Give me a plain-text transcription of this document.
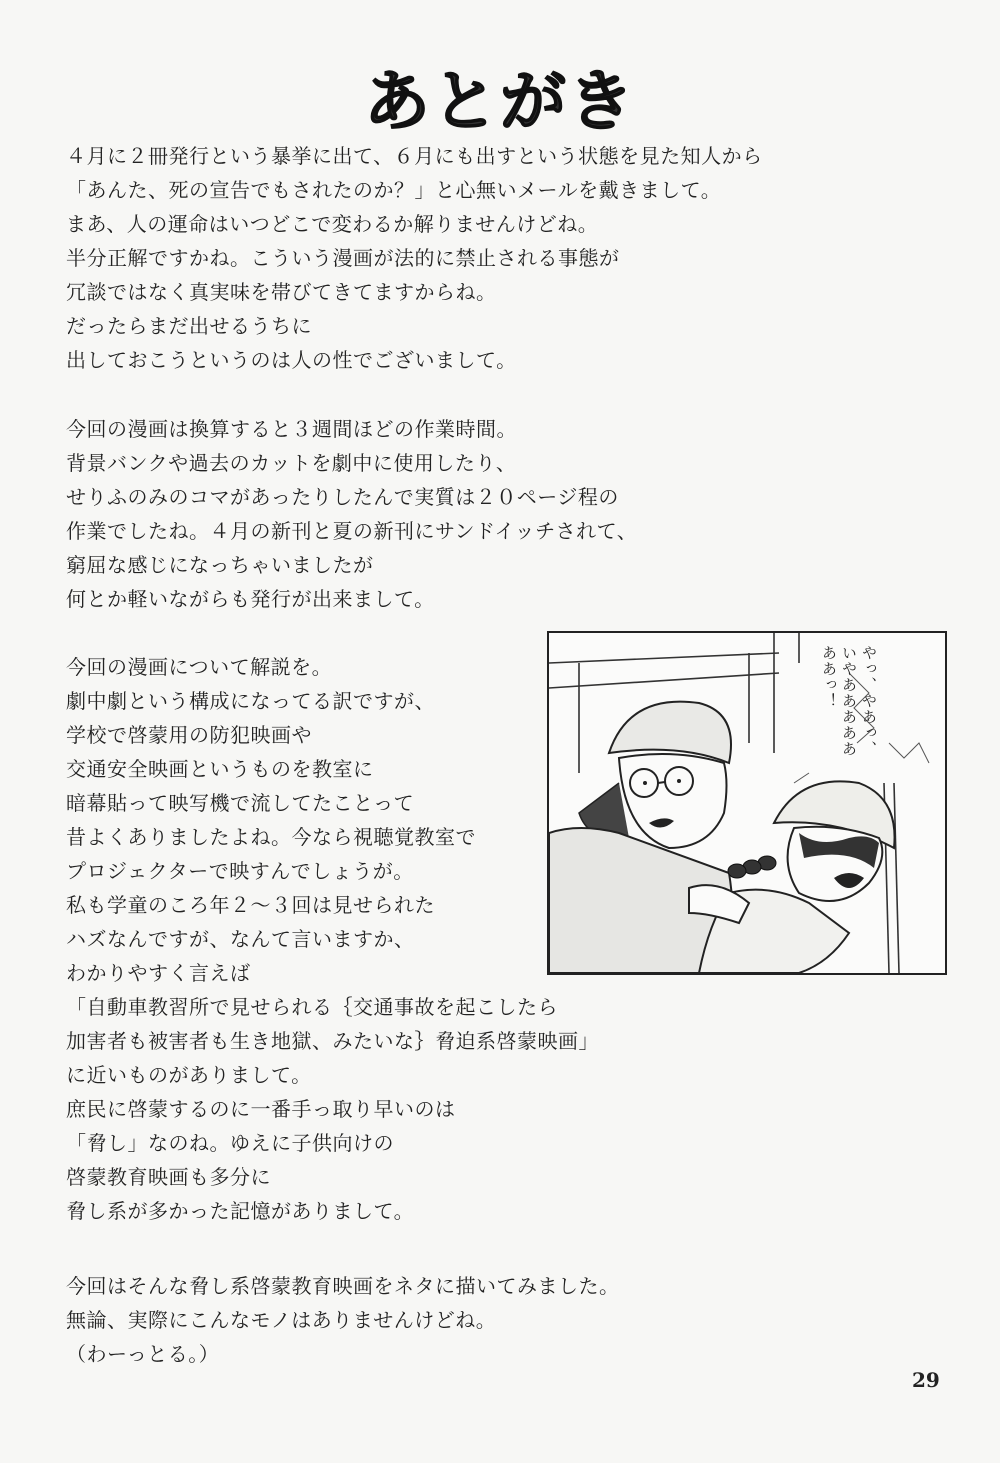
あとがき
４月に２冊発行という暴挙に出て、６月にも出すという状態を見た知人から
「あんた、死の宣告でもされたのか？」と心無いメールを戴きまして。
まあ、人の運命はいつどこで変わるか解りませんけどね。
半分正解ですかね。こういう漫画が法的に禁止される事態が
冗談ではなく真実味を帯びてきてますからね。
だったらまだ出せるうちに
出しておこうというのは人の性でございまして。
今回の漫画は換算すると３週間ほどの作業時間。
背景バンクや過去のカットを劇中に使用したり、
せりふのみのコマがあったりしたんで実質は２０ページ程の
作業でしたね。４月の新刊と夏の新刊にサンドイッチされて、
窮屈な感じになっちゃいましたが
何とか軽いながらも発行が出来まして。
今回の漫画について解説を。
劇中劇という構成になってる訳ですが、
学校で啓蒙用の防犯映画や
交通安全映画というものを教室に
暗幕貼って映写機で流してたことって
昔よくありましたよね。今なら視聴覚教室で
プロジェクターで映すんでしょうが。
私も学童のころ年２～３回は見せられた
ハズなんですが、なんて言いますか、
わかりやすく言えば
「自動車教習所で見せられる｛交通事故を起こしたら
加害者も被害者も生き地獄、みたいな｝脅迫系啓蒙映画」
に近いものがありまして。
庶民に啓蒙するのに一番手っ取り早いのは
「脅し」なのね。ゆえに子供向けの
啓蒙教育映画も多分に
脅し系が多かった記憶がありまして。
今回はそんな脅し系啓蒙教育映画をネタに描いてみました。
無論、実際にこんなモノはありませんけどね。
（わーっとる。）
やっ、やあっ、
いやあああああ
ああっ！
29
